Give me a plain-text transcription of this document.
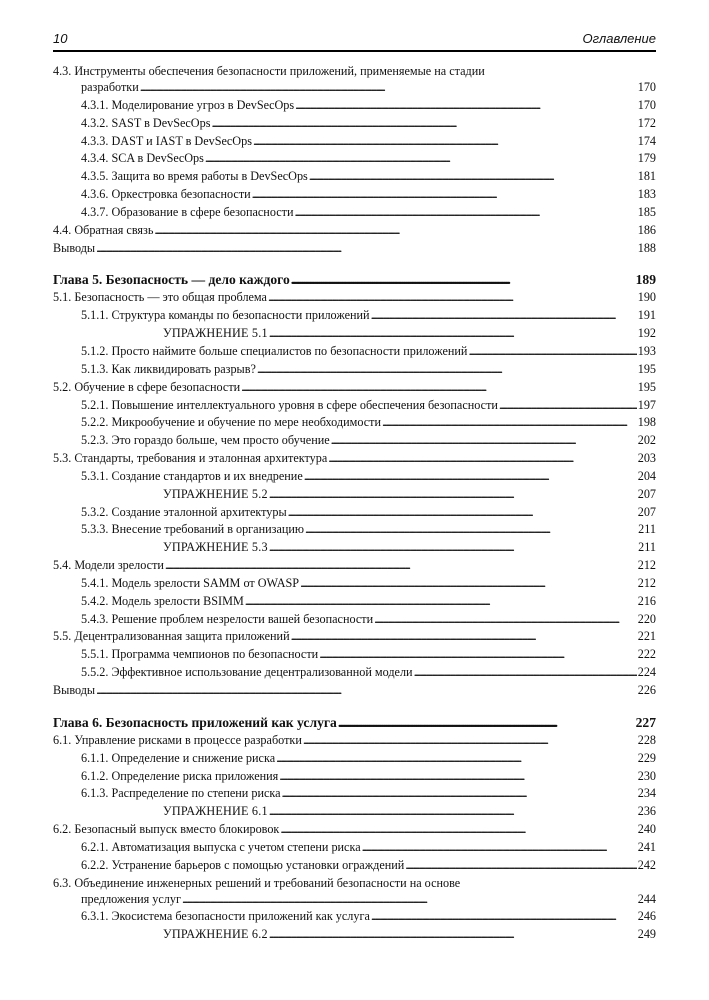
10	Оглавление
4.3. Инструменты обеспечения безопасности приложений, применяемые на стадии
разработки . . .	170
4.3.1. Моделирование угроз в DevSecOps . . .	170
4.3.2. SAST в DevSecOps . . .	172
4.3.3. DAST и IAST в DevSecOps . . .	174
4.3.4. SCA в DevSecOps . . .	179
4.3.5. Защита во время работы в DevSecOps . . .	181
4.3.6. Оркестровка безопасности . . .	183
4.3.7. Образование в сфере безопасности . . .	185
4.4. Обратная связь . . .	186
Выводы . . .	188
Глава 5. Безопасность — дело каждого . . .	189
5.1. Безопасность — это общая проблема . . .	190
5.1.1. Структура команды по безопасности приложений . . .	191
УПРАЖНЕНИЕ 5.1 . . .	192
5.1.2. Просто наймите больше специалистов по безопасности приложений . . .	193
5.1.3. Как ликвидировать разрыв? . . .	195
5.2. Обучение в сфере безопасности . . .	195
5.2.1. Повышение интеллектуального уровня в сфере обеспечения безопасности . . .	197
5.2.2. Микрообучение и обучение по мере необходимости . . .	198
5.2.3. Это гораздо больше, чем просто обучение . . .	202
5.3. Стандарты, требования и эталонная архитектура . . .	203
5.3.1. Создание стандартов и их внедрение . . .	204
УПРАЖНЕНИЕ 5.2 . . .	207
5.3.2. Создание эталонной архитектуры . . .	207
5.3.3. Внесение требований в организацию . . .	211
УПРАЖНЕНИЕ 5.3 . . .	211
5.4. Модели зрелости . . .	212
5.4.1. Модель зрелости SAMM от OWASP . . .	212
5.4.2. Модель зрелости BSIMM . . .	216
5.4.3. Решение проблем незрелости вашей безопасности . . .	220
5.5. Децентрализованная защита приложений . . .	221
5.5.1. Программа чемпионов по безопасности . . .	222
5.5.2. Эффективное использование децентрализованной модели . . .	224
Выводы . . .	226
Глава 6. Безопасность приложений как услуга . . .	227
6.1. Управление рисками в процессе разработки . . .	228
6.1.1. Определение и снижение риска . . .	229
6.1.2. Определение риска приложения . . .	230
6.1.3. Распределение по степени риска . . .	234
УПРАЖНЕНИЕ 6.1 . . .	236
6.2. Безопасный выпуск вместо блокировок . . .	240
6.2.1. Автоматизация выпуска с учетом степени риска . . .	241
6.2.2. Устранение барьеров с помощью установки ограждений . . .	242
6.3. Объединение инженерных решений и требований безопасности на основе
предложения услуг . . .	244
6.3.1. Экосистема безопасности приложений как услуга . . .	246
УПРАЖНЕНИЕ 6.2 . . .	249
